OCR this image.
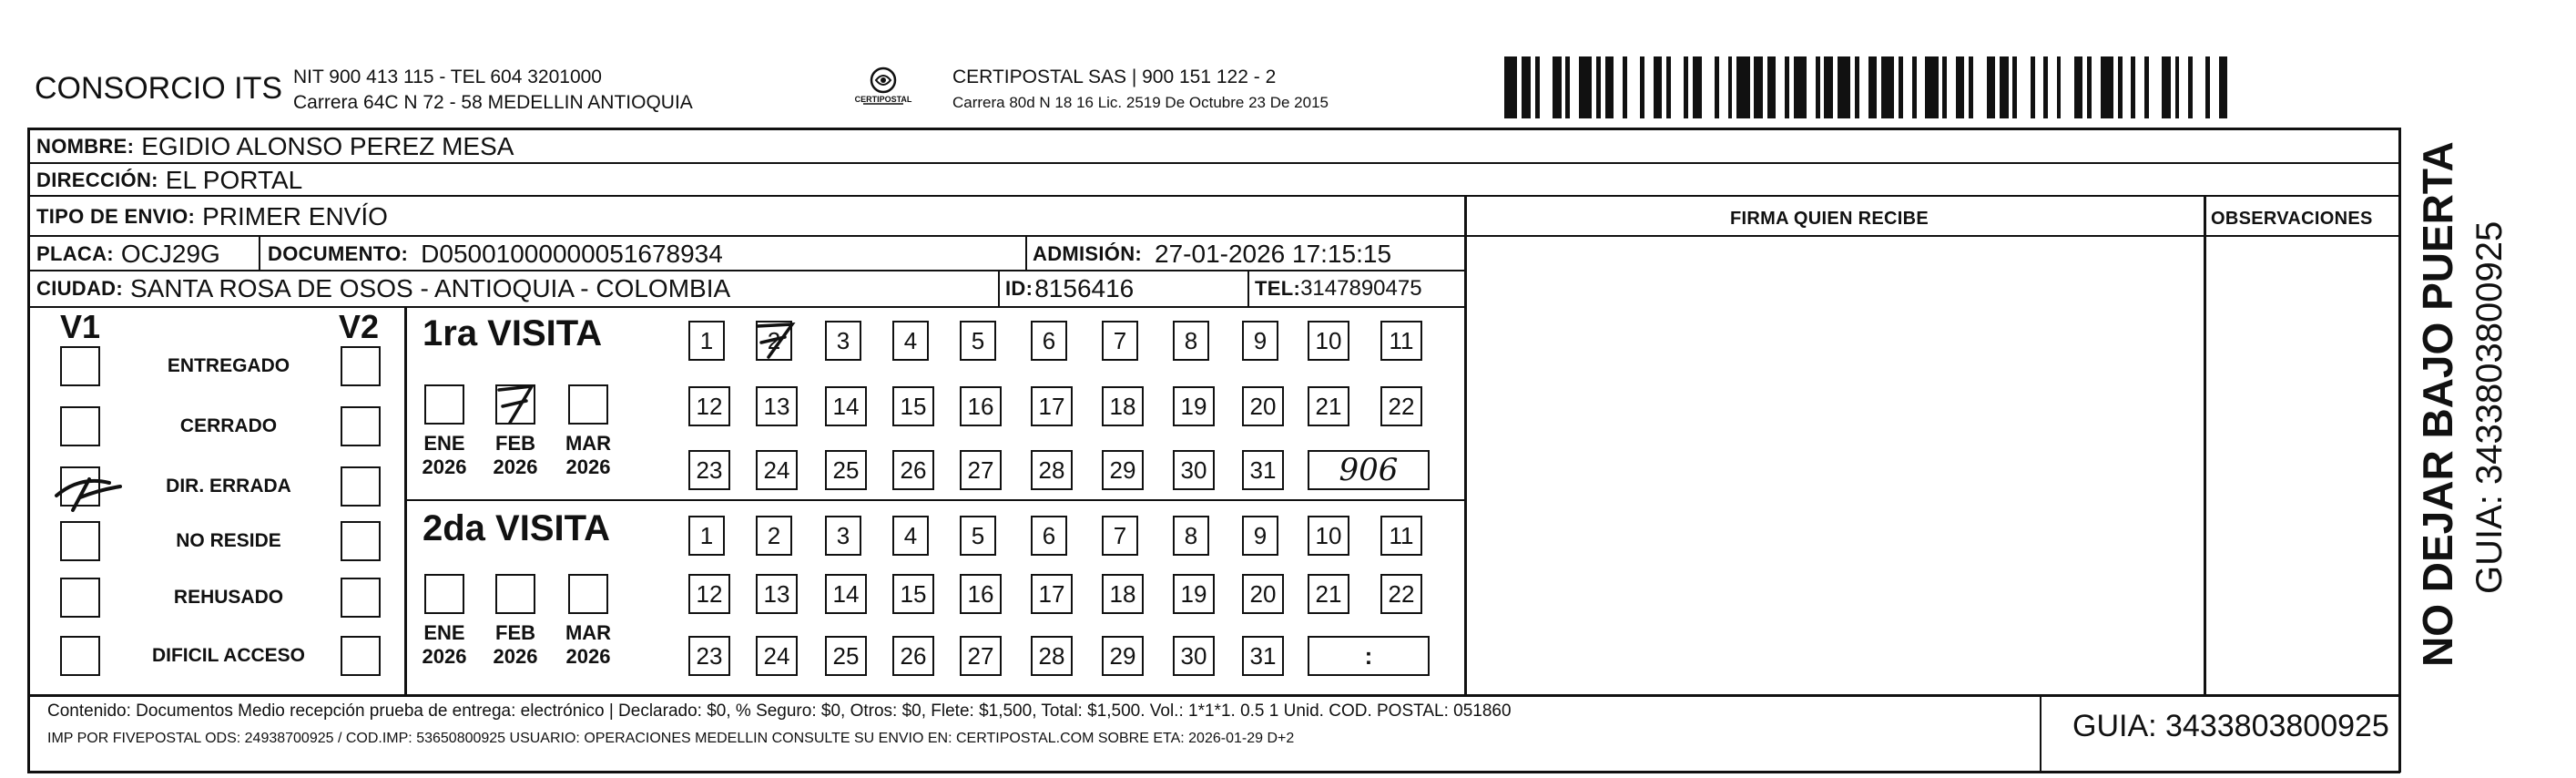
CONSORCIO ITS NIT 900 413 115 - TEL 604 3201000
Carrera 64C N 72 - 58 MEDELLIN ANTIOQUIA	CERTIPOSTAL
CERTIPOSTAL SAS | 900 151 122 - 2
Carrera 80d N 18 16 Lic. 2519 De Octubre 23 De 2015
NOMBRE: EGIDIO ALONSO PEREZ MESA
DIRECCIÓN: EL PORTAL
TIPO DE ENVIO: PRIMER ENVÍO	FIRMA QUIEN RECIBE	OBSERVACIONES
PLACA: OCJ29G DOCUMENTO: D05001000000051678934	ADMISIÓN: 27-01-2026 17:15:15
CIUDAD: SANTA ROSA DE OSOS - ANTIOQUIA - COLOMBIA	ID: 8156416	TEL: 3147890475
V1	V2
ENTREGADO
CERRADO
DIR. ERRADA
NO RESIDE
REHUSADO
DIFICIL ACCESO
1ra VISITA
2da VISITA
ENE
2026
FEB
2026
MAR
2026
ENE
2026
FEB
2026
MAR
2026
1	2	3	4	5	6	7	8	9	10	11
12	13	14	15	16	17	18	19	20	21	22
23	24	25	26	27	28	29	30	31 906
1	2	3	4	5	6	7	8	9	10	11
12	13	14	15	16	17	18	19	20	21	22
23	24	25	26	27	28	29	30	31	:
Contenido: Documentos Medio recepción prueba de entrega: electrónico | Declarado: $0, % Seguro: $0, Otros: $0, Flete: $1,500, Total: $1,500. Vol.: 1*1*1. 0.5 1 Unid. COD. POSTAL: 051860
IMP POR FIVEPOSTAL ODS: 24938700925 / COD.IMP: 53650800925 USUARIO: OPERACIONES MEDELLIN CONSULTE SU ENVIO EN: CERTIPOSTAL.COM SOBRE ETA: 2026-01-29 D+2	GUIA: 3433803800925
NO DEJAR BAJO PUERTA GUIA: 3433803800925
